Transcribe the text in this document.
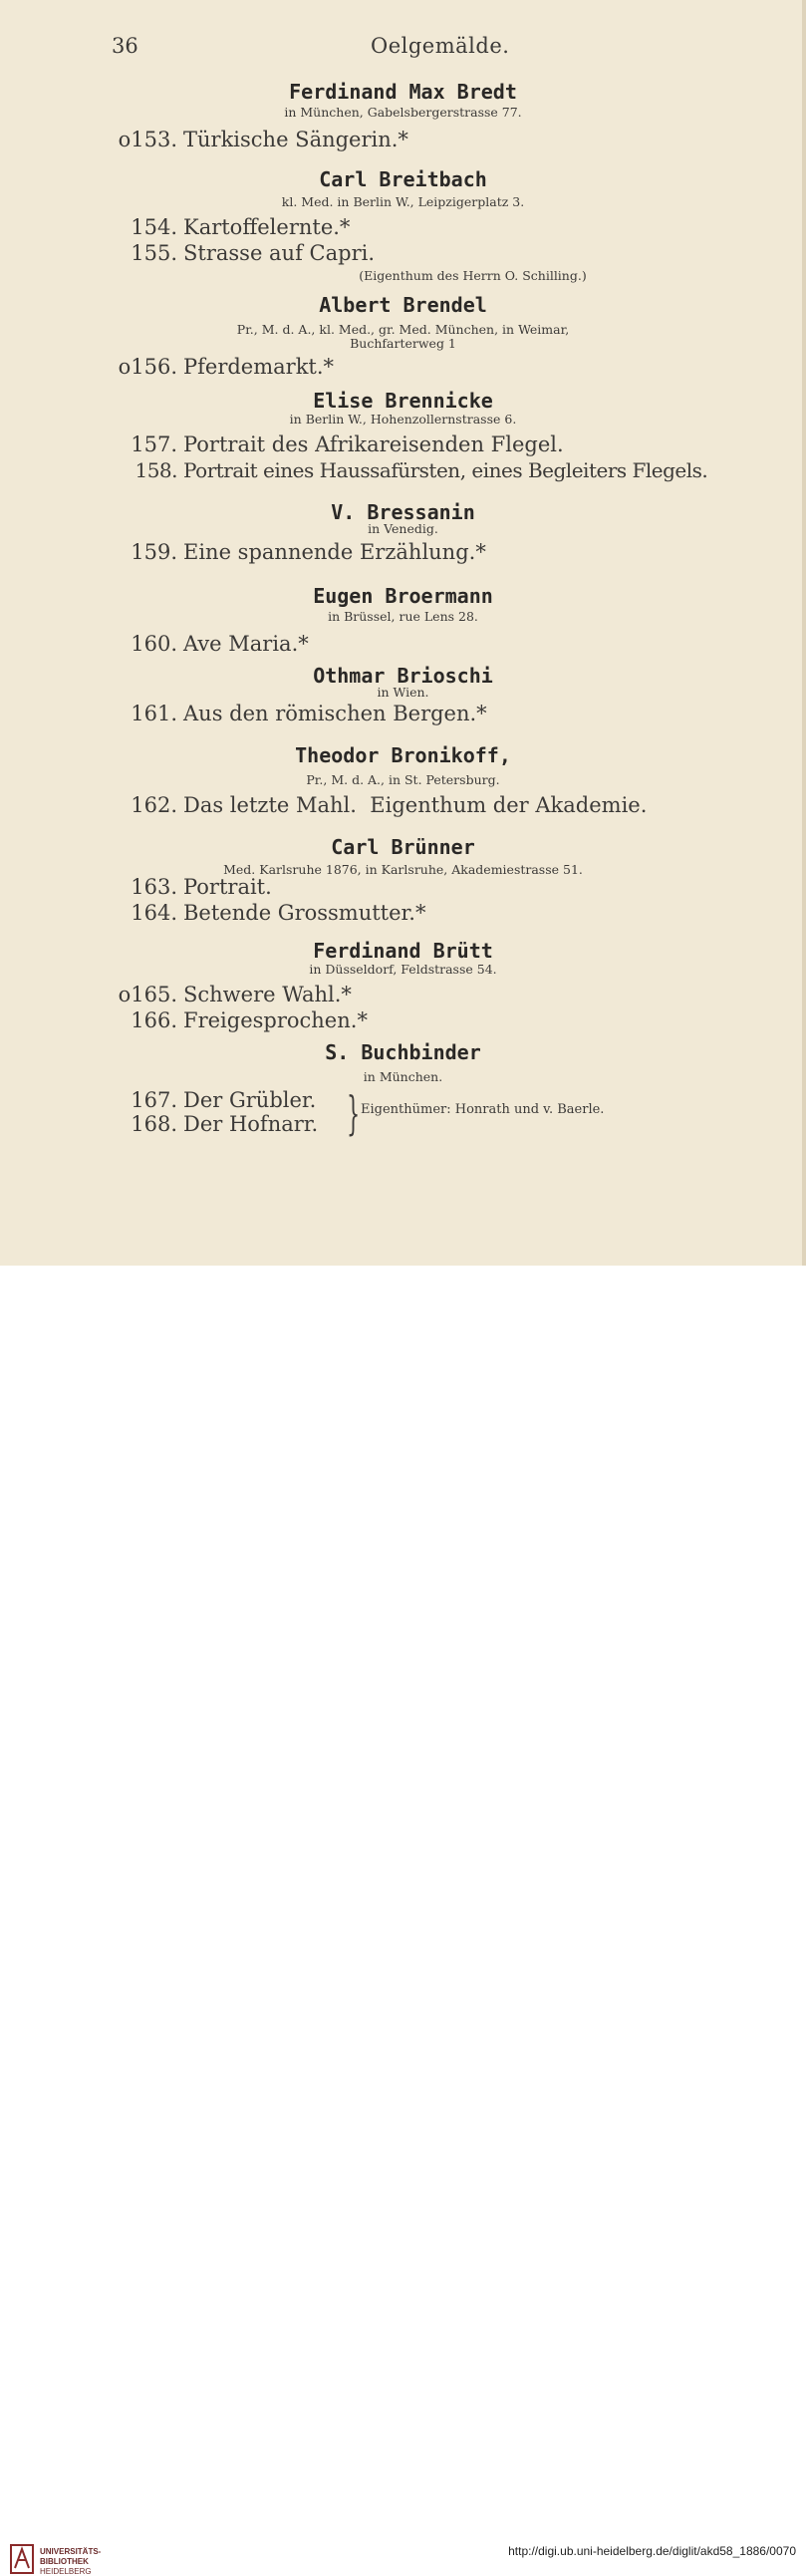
36	Oelgemälde.
Ferdinand Max Bredt
in München, Gabelsbergerstrasse 77.
o153. Türkische Sängerin.*
Carl Breitbach
kl. Med. in Berlin W., Leipzigerplatz 3.
154. Kartoffelernte.*
155. Strasse auf Capri.
(Eigenthum des Herrn O. Schilling.)
Albert Brendel
Pr., M. d. A., kl. Med., gr. Med. München, in Weimar,
Buchfarterweg 1
o156. Pferdemarkt.*
Elise Brennicke
in Berlin W., Hohenzollernstrasse 6.
157. Portrait des Afrikareisenden Flegel.
158. Portrait eines Haussafürsten, eines Begleiters Flegels.
V. Bressanin
in Venedig.
159. Eine spannende Erzählung.*
Eugen Broermann
in Brüssel, rue Lens 28.
160. Ave Maria.*
Othmar Brioschi
in Wien.
161. Aus den römischen Bergen.*
Theodor Bronikoff,
Pr., M. d. A., in St. Petersburg.
162. Das letzte Mahl.  Eigenthum der Akademie.
Carl Brünner
Med. Karlsruhe 1876, in Karlsruhe, Akademiestrasse 51.
163. Portrait.
164. Betende Grossmutter.*
Ferdinand Brütt
in Düsseldorf, Feldstrasse 54.
o165. Schwere Wahl.*
166. Freigesprochen.*
S. Buchbinder
in München.
167. Der Grübler.
168. Der Hofnarr. } Eigenthümer: Honrath und v. Baerle.
UNIVERSITÄTS-
BIBLIOTHEK
HEIDELBERG
http://digi.ub.uni-heidelberg.de/diglit/akd58_1886/0070
